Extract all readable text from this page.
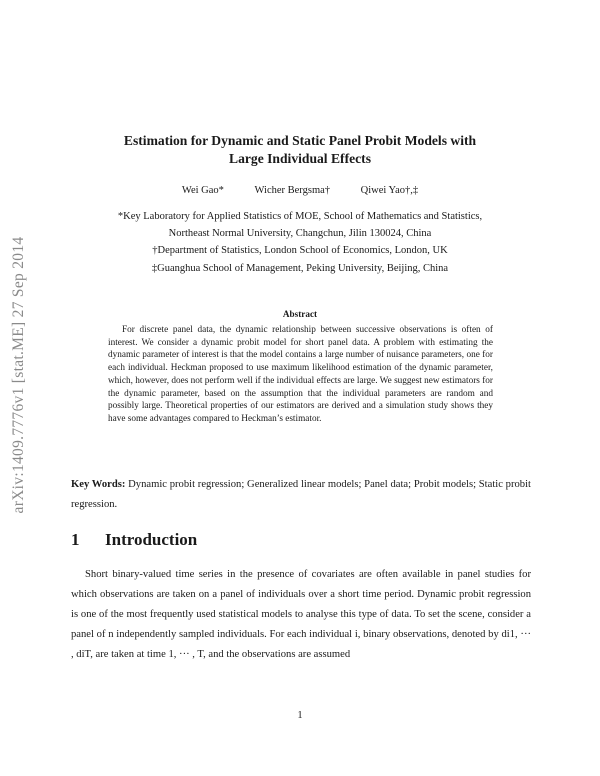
arXiv:1409.7776v1 [stat.ME] 27 Sep 2014
Estimation for Dynamic and Static Panel Probit Models with
Large Individual Effects
Wei Gao*	Wicher Bergsma†	Qiwei Yao†,‡
*Key Laboratory for Applied Statistics of MOE, School of Mathematics and Statistics,
Northeast Normal University, Changchun, Jilin 130024, China
†Department of Statistics, London School of Economics, London, UK
‡Guanghua School of Management, Peking University, Beijing, China
Abstract
For discrete panel data, the dynamic relationship between successive observations is often of interest. We consider a dynamic probit model for short panel data. A problem with estimating the dynamic parameter of interest is that the model contains a large number of nuisance parameters, one for each individual. Heckman proposed to use maximum likelihood estimation of the dynamic parameter, which, however, does not perform well if the individual effects are large. We suggest new estimators for the dynamic parameter, based on the assumption that the individual parameters are random and possibly large. Theoretical properties of our estimators are derived and a simulation study shows they have some advantages compared to Heckman’s estimator.
Key Words: Dynamic probit regression; Generalized linear models; Panel data; Probit models; Static probit regression.
1 Introduction
Short binary-valued time series in the presence of covariates are often available in panel studies for which observations are taken on a panel of individuals over a short time period. Dynamic probit regression is one of the most frequently used statistical models to analyse this type of data. To set the scene, consider a panel of n independently sampled individuals. For each individual i, binary observations, denoted by di1, ··· , diT, are taken at time 1, ··· , T, and the observations are assumed
1
